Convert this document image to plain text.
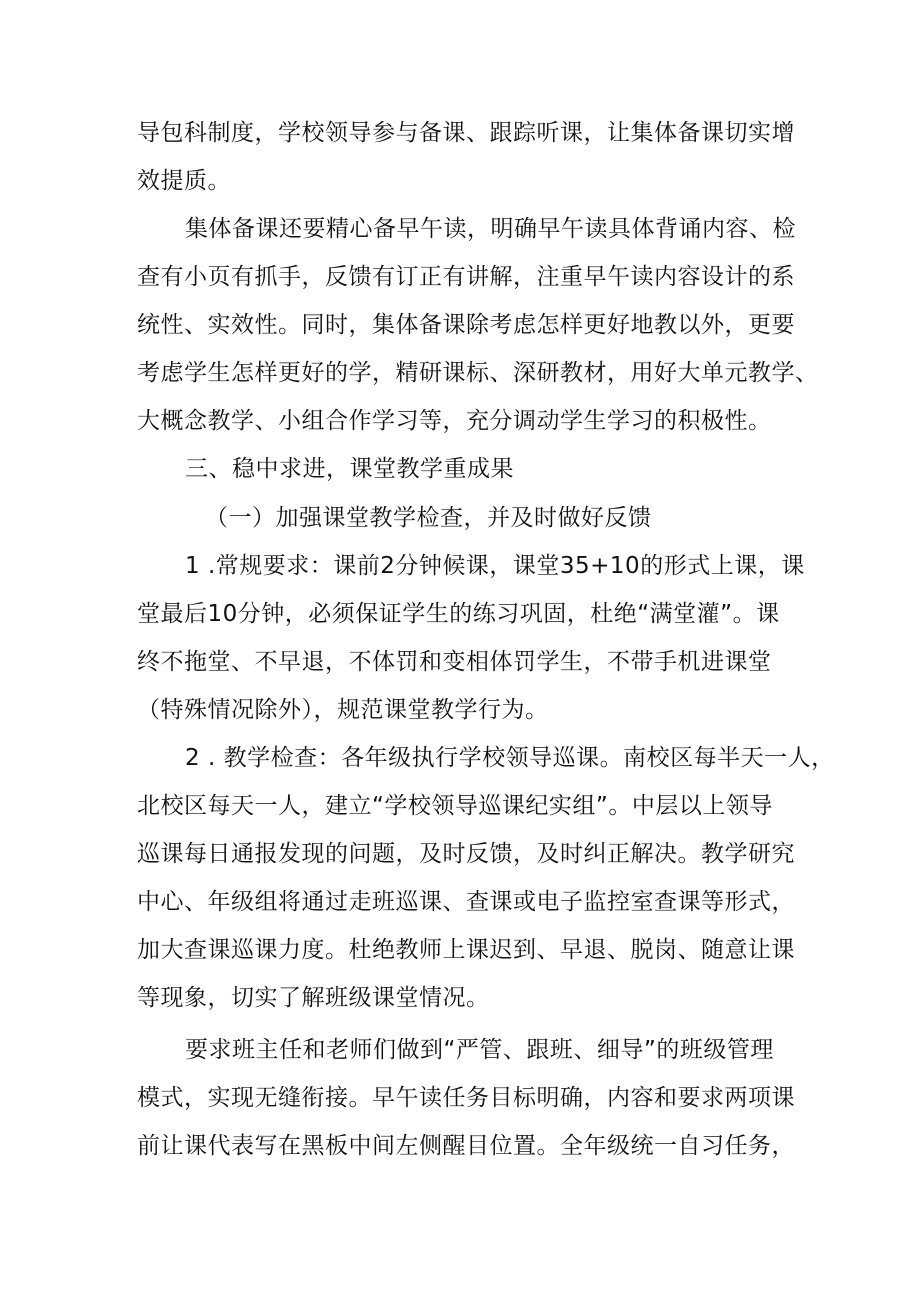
导包科制度，学校领导参与备课、跟踪听课，让集体备课切实增

效提质。

集体备课还要精心备早午读，明确早午读具体背诵内容、检

查有小页有抓手，反馈有订正有讲解，注重早午读内容设计的系

统性、实效性。同时，集体备课除考虑怎样更好地教以外，更要

考虑学生怎样更好的学，精研课标、深研教材，用好大单元教学、

大概念教学、小组合作学习等，充分调动学生学习的积极性。

三、稳中求进，课堂教学重成果

（一）加强课堂教学检查，并及时做好反馈

1 .常规要求：课前2分钟候课，课堂35+10的形式上课，课

堂最后10分钟，必须保证学生的练习巩固，杜绝“满堂灌”。课

终不拖堂、不早退，不体罚和变相体罚学生，不带手机进课堂

（特殊情况除外），规范课堂教学行为。

2 . 教学检查：各年级执行学校领导巡课。南校区每半天一人，

北校区每天一人，建立“学校领导巡课纪实组”。中层以上领导

巡课每日通报发现的问题，及时反馈，及时纠正解决。教学研究

中心、年级组将通过走班巡课、查课或电子监控室查课等形式，

加大查课巡课力度。杜绝教师上课迟到、早退、脱岗、随意让课

等现象，切实了解班级课堂情况。

要求班主任和老师们做到“严管、跟班、细导”的班级管理

模式，实现无缝衔接。早午读任务目标明确，内容和要求两项课

前让课代表写在黑板中间左侧醒目位置。全年级统一自习任务，
